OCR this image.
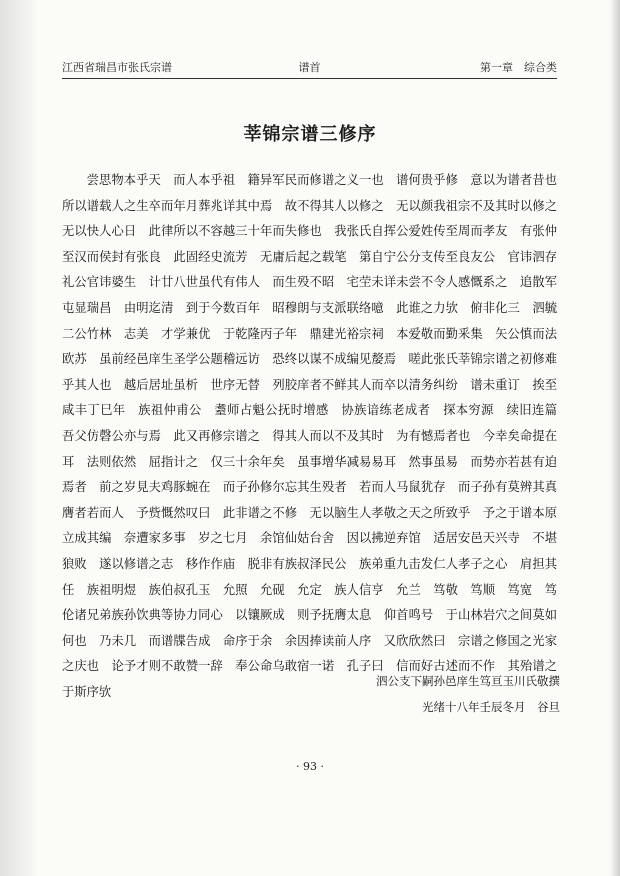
谱首
江西省瑞昌市张氏宗谱	第一章　综合类
莘锦宗谱三修序
尝思物本乎天　而人本乎祖　籍异军民而修谱之义一也　谱何贵乎修　意以为谱者昔也　所以谱载人之生卒而年月葬兆详其中焉　故不得其人以修之　无以颜我祖宗不及其时以修之　无以快人心日　此律所以不容越三十年而失修也　我张氏自挥公爱姓传至周而孝友　有张仲　至汉而侯封有张良　此固经史流芳　无庸后起之载笔　第自宁公分支传至良友公　官讳泗存礼公官讳婆生　计廿八世虽代有伟人　而生殁不昭　宅茔未详未尝不令人感慨系之　追散军屯显瑞昌　由明迄清　到于今数百年　昭穆朗与支派联络噫　此谁之力欤　俯非化三　泗毓二公竹林　志美　才学兼优　于乾隆丙子年　鼎建光裕宗祠　本爱敬而勤釆集　矢公慎而法欧苏　虽前经邑庠生圣学公题稽远访　恐终以谋不成编见嫠焉　嗟此张氏莘锦宗谱之初修难乎其人也　越后居址虽析　世序无替　列胶庠者不鲜其人而卒以清务纠纷　谱未重订　挨至咸丰丁巳年　族祖仲甫公　耋师占魁公抚时增感　协族谙练老成者　探本穷源　续旧连篇　吾父仿磬公亦与焉　此又再修宗谱之　得其人而以不及其时　为有憾焉者也　今幸矣命提在耳　法则依然　屈指计之　仅三十余年矣　虽事增华减易易耳　然事虽易　而势亦若甚有迫焉者　前之岁見夫鸡豚蜿在　而子孙修尔忘其生殁者　若而人马鼠犹存　而子孙有莫辨其真膺者若而人　予赀慨然叹曰　此非谱之不修　无以脑生人孝敬之天之所致乎　予之于谱本原立成其编　奈遭家多事　岁之七月　余馆仙姑台舍　因以拂逆弃馆　适居安邑天兴寺　不堪狼败　遂以修谱之志　移作作庙　脱非有族叔泽民公　族弟重九击发仁人孝子之心　肩担其任　族祖明煜　族伯叔孔玉　允照　允砚　允定　族人信亨　允兰　笃敬　笃顺　笃宽　笃伦诸兄弟族孙饮典等协力同心　以镶厥成　则予抚膺太息　仰首鸣号　于山林岩穴之间莫如何也　乃未几　而谱牒告成　命序于余　余因捧读前人序　又欣欣然曰　宗谱之修国之光家之庆也　论予才则不敢赞一辞　奉公命乌敢宿一诺　孔子曰　信而好古述而不作　其殆谱之于斯序欤
泗公支下嗣孙邑庠生笃亘玉川氏敬撰
光绪十八年壬辰冬月　谷旦
· 93 ·
